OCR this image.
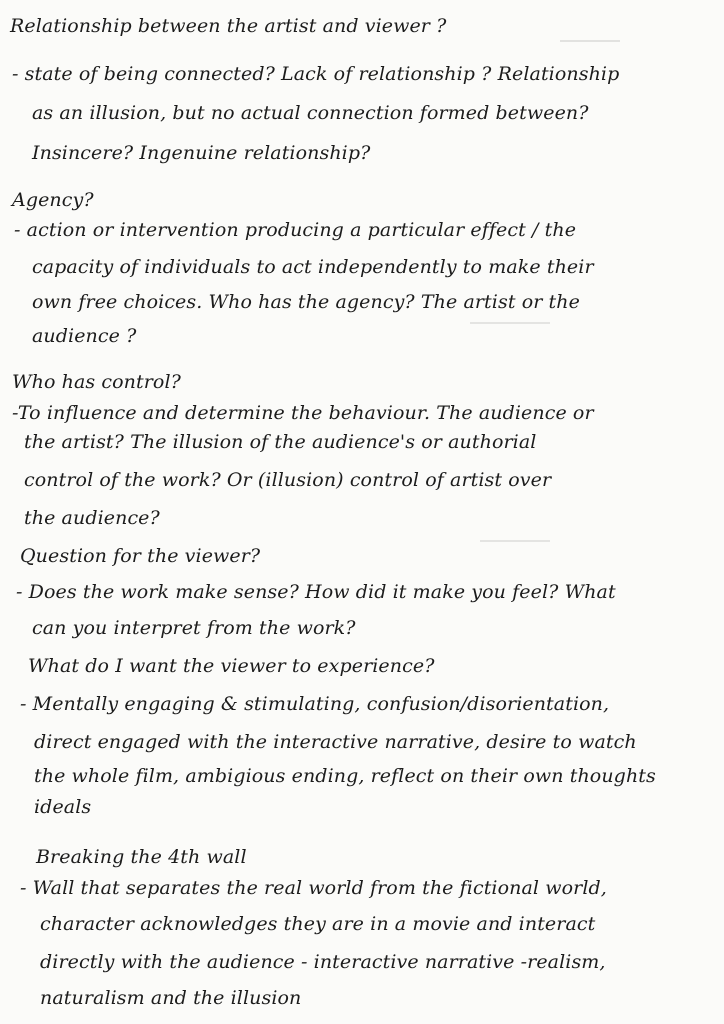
Relationship between the artist and viewer ?
- state of being connected? Lack of relationship ? Relationship
as an illusion, but no actual connection formed between?
Insincere? Ingenuine relationship?
Agency?
- action or intervention producing a particular effect / the
capacity of individuals to act independently to make their
own free choices. Who has the agency? The artist or the
audience ?
Who has control?
-To influence and determine the behaviour. The audience or
the artist? The illusion of the audience's or authorial
control of the work? Or (illusion) control of artist over
the audience?
Question for the viewer?
- Does the work make sense? How did it make you feel? What
can you interpret from the work?
What do I want the viewer to experience?
- Mentally engaging & stimulating, confusion/disorientation,
direct engaged with the interactive narrative, desire to watch
the whole film, ambigious ending, reflect on their own thoughts
ideals
Breaking the 4th wall
- Wall that separates the real world from the fictional world,
character acknowledges they are in a movie and interact
directly with the audience - interactive narrative -realism,
naturalism and the illusion
